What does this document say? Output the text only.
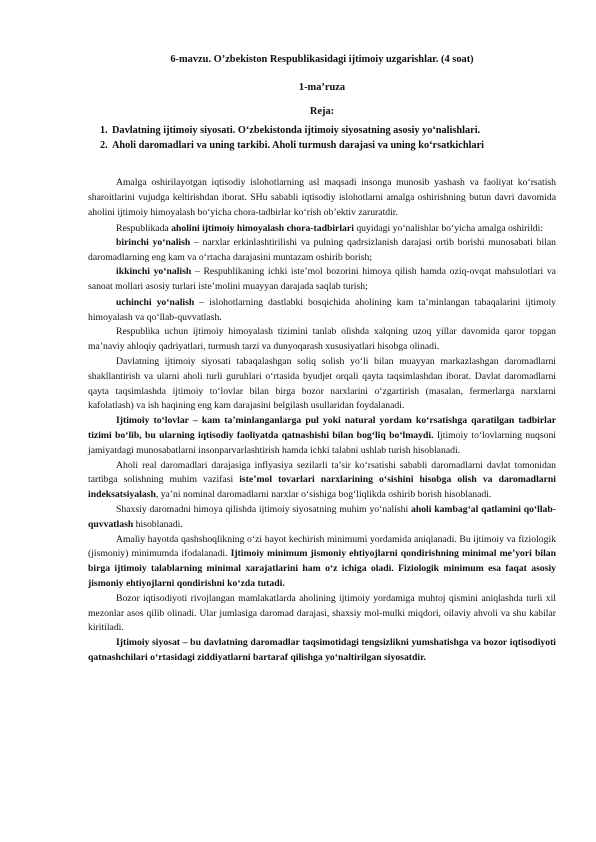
6-mavzu. O’zbekiston Respublikasidagi ijtimoiy uzgarishlar. (4 soat)
1-ma’ruza
Reja:
1. Davlatning ijtimoiy siyosati. O‘zbekistonda ijtimoiy siyosatning asosiy yo‘nalishlari.
2. Aholi daromadlari va uning tarkibi. Aholi turmush darajasi va uning ko‘rsatkichlari

Amalga oshirilayotgan iqtisodiy islohotlarning asl maqsadi insonga munosib yashash va faoliyat ko‘rsatish sharoitlarini vujudga keltirishdan iborat. SHu sababli iqtisodiy islohotlarni amalga oshirishning butun davri davomida aholini ijtimoiy himoyalash bo‘yicha chora-tadbirlar ko‘rish ob’ektiv zaruratdir.

Respublikada aholini ijtimoiy himoyalash chora-tadbirlari quyidagi yo‘nalishlar bo‘yicha amalga oshirildi:

birinchi yo‘nalish – narxlar erkinlashtirilishi va pulning qadrsizlanish darajasi ortib borishi munosabati bilan daromadlarning eng kam va o‘rtacha darajasini muntazam oshirib borish;

ikkinchi yo‘nalish – Respublikaning ichki iste’mol bozorini himoya qilish hamda oziq-ovqat mahsulotlari va sanoat mollari asosiy turlari iste’molini muayyan darajada saqlab turish;

uchinchi yo‘nalish – islohotlarning dastlabki bosqichida aholining kam ta’minlangan tabaqalarini ijtimoiy himoyalash va qo‘llab-quvvatlash.

Respublika uchun ijtimoiy himoyalash tizimini tanlab olishda xalqning uzoq yillar davomida qaror topgan ma’naviy ahloqiy qadriyatlari, turmush tarzi va dunyoqarash xususiyatlari hisobga olinadi.

Davlatning ijtimoiy siyosati tabaqalashgan soliq solish yo‘li bilan muayyan markazlashgan daromadlarni shakllantirish va ularni aholi turli guruhlari o‘rtasida byudjet orqali qayta taqsimlashdan iborat. Davlat daromadlarni qayta taqsimlashda ijtimoiy to‘lovlar bilan birga bozor narxlarini o‘zgartirish (masalan, fermerlarga narxlarni kafolatlash) va ish haqining eng kam darajasini belgilash usullaridan foydalanadi.

Ijtimoiy to‘lovlar – kam ta’minlanganlarga pul yoki natural yordam ko‘rsatishga qaratilgan tadbirlar tizimi bo‘lib, bu ularning iqtisodiy faoliyatda qatnashishi bilan bog‘liq bo‘lmaydi. Ijtimoiy to‘lovlarning nuqsoni jamiyatdagi munosabatlarni insonparvarlashtirish hamda ichki talabni ushlab turish hisoblanadi.

Aholi real daromadlari darajasiga inflyasiya sezilarli ta’sir ko‘rsatishi sababli daromadlarni davlat tomonidan tartibga solishning muhim vazifasi iste’mol tovarlari narxlarining o‘sishini hisobga olish va daromadlarni indeksatsiyalash, ya’ni nominal daromadlarni narxlar o‘sishiga bog‘liqlikda oshirib borish hisoblanadi.

Shaxsiy daromadni himoya qilishda ijtimoiy siyosatning muhim yo‘nalishi aholi kambag‘al qatlamini qo‘llab-quvvatlash hisoblanadi.

Amaliy hayotda qashshoqlikning o‘zi hayot kechirish minimumi yordamida aniqlanadi. Bu ijtimoiy va fiziologik (jismoniy) minimumda ifodalanadi. Ijtimoiy minimum jismoniy ehtiyojlarni qondirishning minimal me’yori bilan birga ijtimoiy talablarning minimal xarajatlarini ham o‘z ichiga oladi. Fiziologik minimum esa faqat asosiy jismoniy ehtiyojlarni qondirishni ko‘zda tutadi.

Bozor iqtisodiyoti rivojlangan mamlakatlarda aholining ijtimoiy yordamiga muhtoj qismini aniqlashda turli xil mezonlar asos qilib olinadi. Ular jumlasiga daromad darajasi, shaxsiy mol-mulki miqdori, oilaviy ahvoli va shu kabilar kiritiladi.

Ijtimoiy siyosat – bu davlatning daromadlar taqsimotidagi tengsizlikni yumshatishga va bozor iqtisodiyoti qatnashchilari o‘rtasidagi ziddiyatlarni bartaraf qilishga yo‘naltirilgan siyosatdir.
